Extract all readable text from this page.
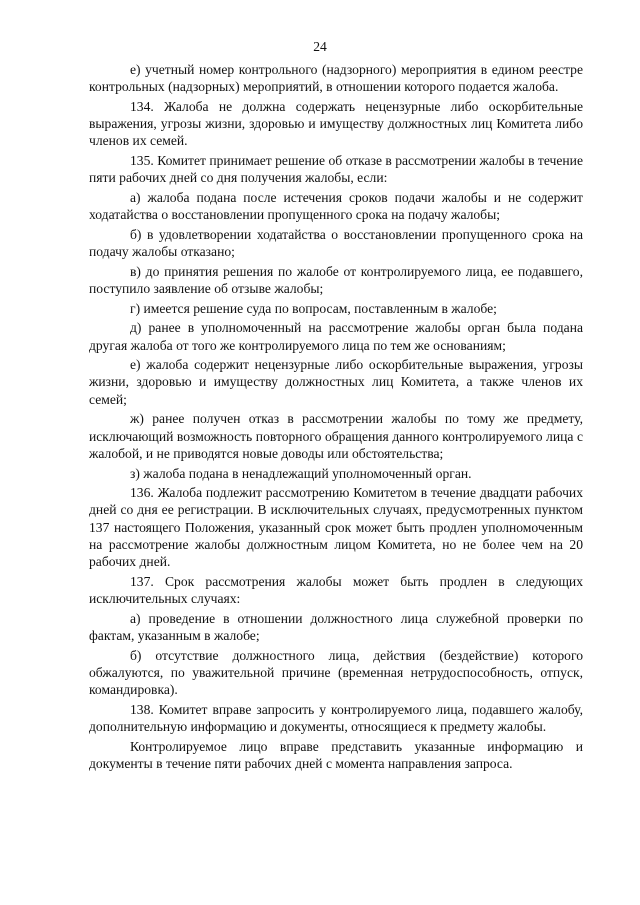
24

е) учетный номер контрольного (надзорного) мероприятия в едином реестре контрольных (надзорных) мероприятий, в отношении которого подается жалоба.

134. Жалоба не должна содержать нецензурные либо оскорбительные выражения, угрозы жизни, здоровью и имуществу должностных лиц Комитета либо членов их семей.

135. Комитет принимает решение об отказе в рассмотрении жалобы в течение пяти рабочих дней со дня получения жалобы, если:

а) жалоба подана после истечения сроков подачи жалобы и не содержит ходатайства о восстановлении пропущенного срока на подачу жалобы;

б) в удовлетворении ходатайства о восстановлении пропущенного срока на подачу жалобы отказано;

в) до принятия решения по жалобе от контролируемого лица, ее подавшего, поступило заявление об отзыве жалобы;

г) имеется решение суда по вопросам, поставленным в жалобе;

д) ранее в уполномоченный на рассмотрение жалобы орган была подана другая жалоба от того же контролируемого лица по тем же основаниям;

е) жалоба содержит нецензурные либо оскорбительные выражения, угрозы жизни, здоровью и имуществу должностных лиц Комитета, а также членов их семей;

ж) ранее получен отказ в рассмотрении жалобы по тому же предмету, исключающий возможность повторного обращения данного контролируемого лица с жалобой, и не приводятся новые доводы или обстоятельства;

з) жалоба подана в ненадлежащий уполномоченный орган.

136. Жалоба подлежит рассмотрению Комитетом в течение двадцати рабочих дней со дня ее регистрации. В исключительных случаях, предусмотренных пунктом 137 настоящего Положения, указанный срок может быть продлен уполномоченным на рассмотрение жалобы должностным лицом Комитета, но не более чем на 20 рабочих дней.

137. Срок рассмотрения жалобы может быть продлен в следующих исключительных случаях:

а) проведение в отношении должностного лица служебной проверки по фактам, указанным в жалобе;

б) отсутствие должностного лица, действия (бездействие) которого обжалуются, по уважительной причине (временная нетрудоспособность, отпуск, командировка).

138. Комитет вправе запросить у контролируемого лица, подавшего жалобу, дополнительную информацию и документы, относящиеся к предмету жалобы.

Контролируемое лицо вправе представить указанные информацию и документы в течение пяти рабочих дней с момента направления запроса.
